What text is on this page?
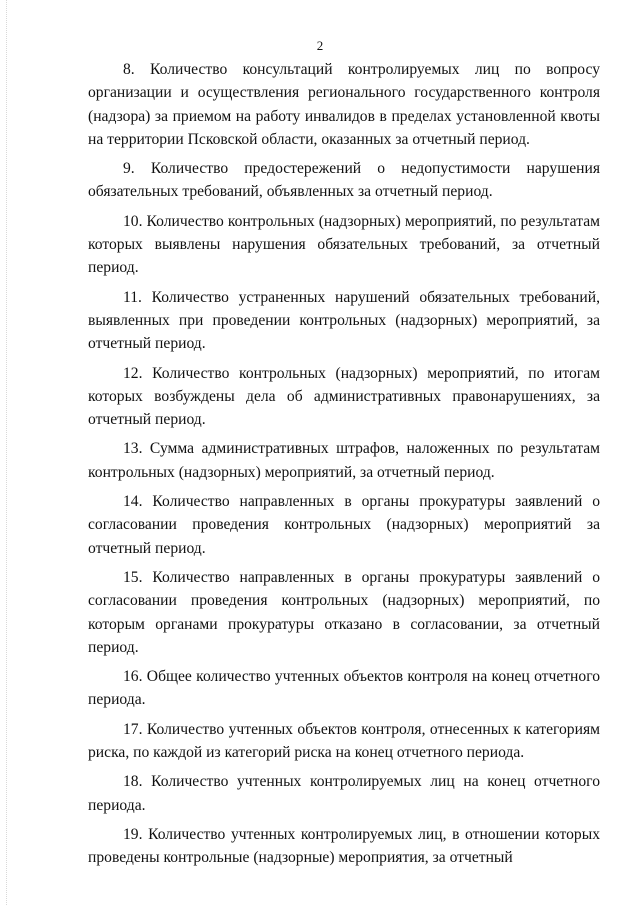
2

8. Количество консультаций контролируемых лиц по вопросу организации и осуществления регионального государственного контроля (надзора) за приемом на работу инвалидов в пределах установленной квоты на территории Псковской области, оказанных за отчетный период.

9. Количество предостережений о недопустимости нарушения обязательных требований, объявленных за отчетный период.

10. Количество контрольных (надзорных) мероприятий, по результатам которых выявлены нарушения обязательных требований, за отчетный период.

11. Количество устраненных нарушений обязательных требований, выявленных при проведении контрольных (надзорных) мероприятий, за отчетный период.

12. Количество контрольных (надзорных) мероприятий, по итогам которых возбуждены дела об административных правонарушениях, за отчетный период.

13. Сумма административных штрафов, наложенных по результатам контрольных (надзорных) мероприятий, за отчетный период.

14. Количество направленных в органы прокуратуры заявлений о согласовании проведения контрольных (надзорных) мероприятий за отчетный период.

15. Количество направленных в органы прокуратуры заявлений о согласовании проведения контрольных (надзорных) мероприятий, по которым органами прокуратуры отказано в согласовании, за отчетный период.

16. Общее количество учтенных объектов контроля на конец отчетного периода.

17. Количество учтенных объектов контроля, отнесенных к категориям риска, по каждой из категорий риска на конец отчетного периода.

18. Количество учтенных контролируемых лиц на конец отчетного периода.

19. Количество учтенных контролируемых лиц, в отношении которых проведены контрольные (надзорные) мероприятия, за отчетный
